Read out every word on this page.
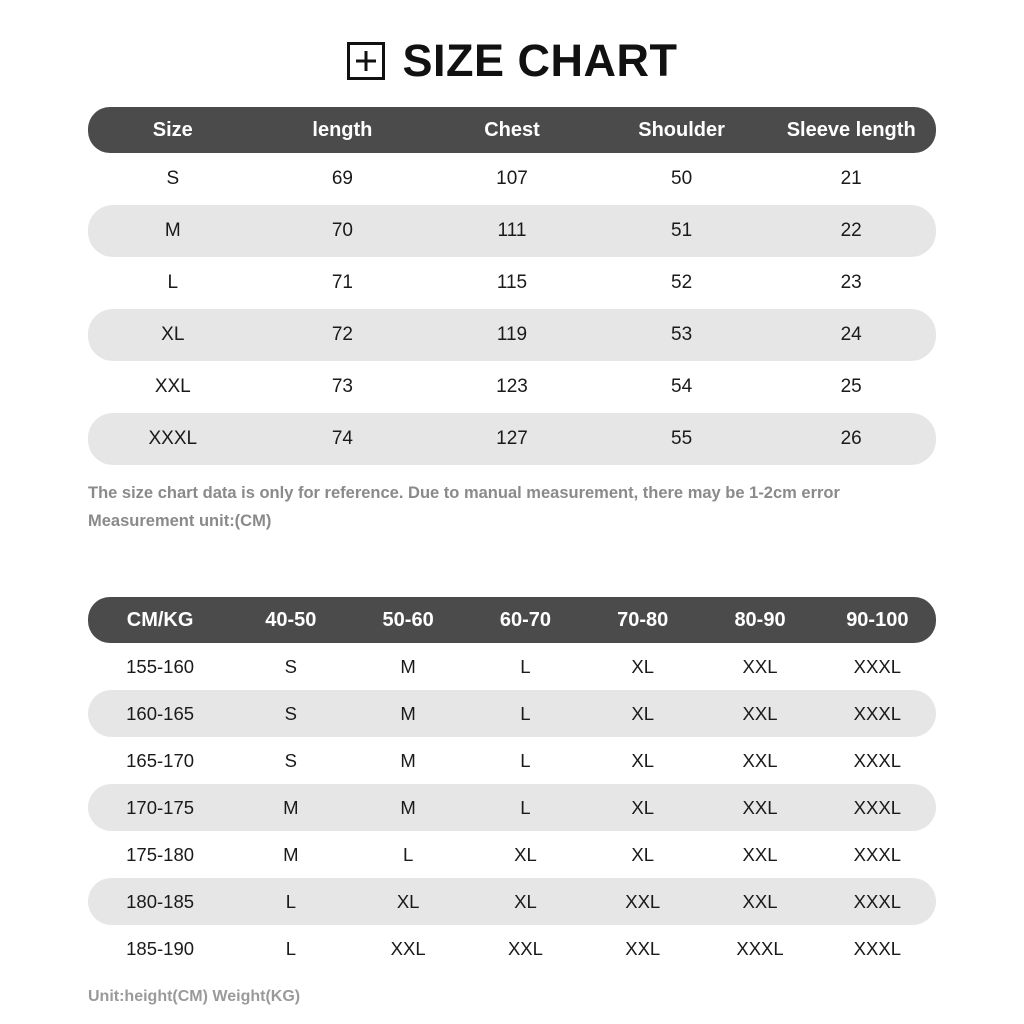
SIZE CHART
Size	length	Chest	Shoulder	Sleeve length
S	69	107	50	21
M	70	111	51	22
L	71	115	52	23
XL	72	119	53	24
XXL	73	123	54	25
XXXL	74	127	55	26
The size chart data is only for reference. Due to manual measurement, there may be 1-2cm error
Measurement unit:(CM)
CM/KG	40-50	50-60	60-70	70-80	80-90	90-100
155-160	S	M	L	XL	XXL	XXXL
160-165	S	M	L	XL	XXL	XXXL
165-170	S	M	L	XL	XXL	XXXL
170-175	M	M	L	XL	XXL	XXXL
175-180	M	L	XL	XL	XXL	XXXL
180-185	L	XL	XL	XXL	XXL	XXXL
185-190	L	XXL	XXL	XXL	XXXL	XXXL
Unit:height(CM) Weight(KG)
